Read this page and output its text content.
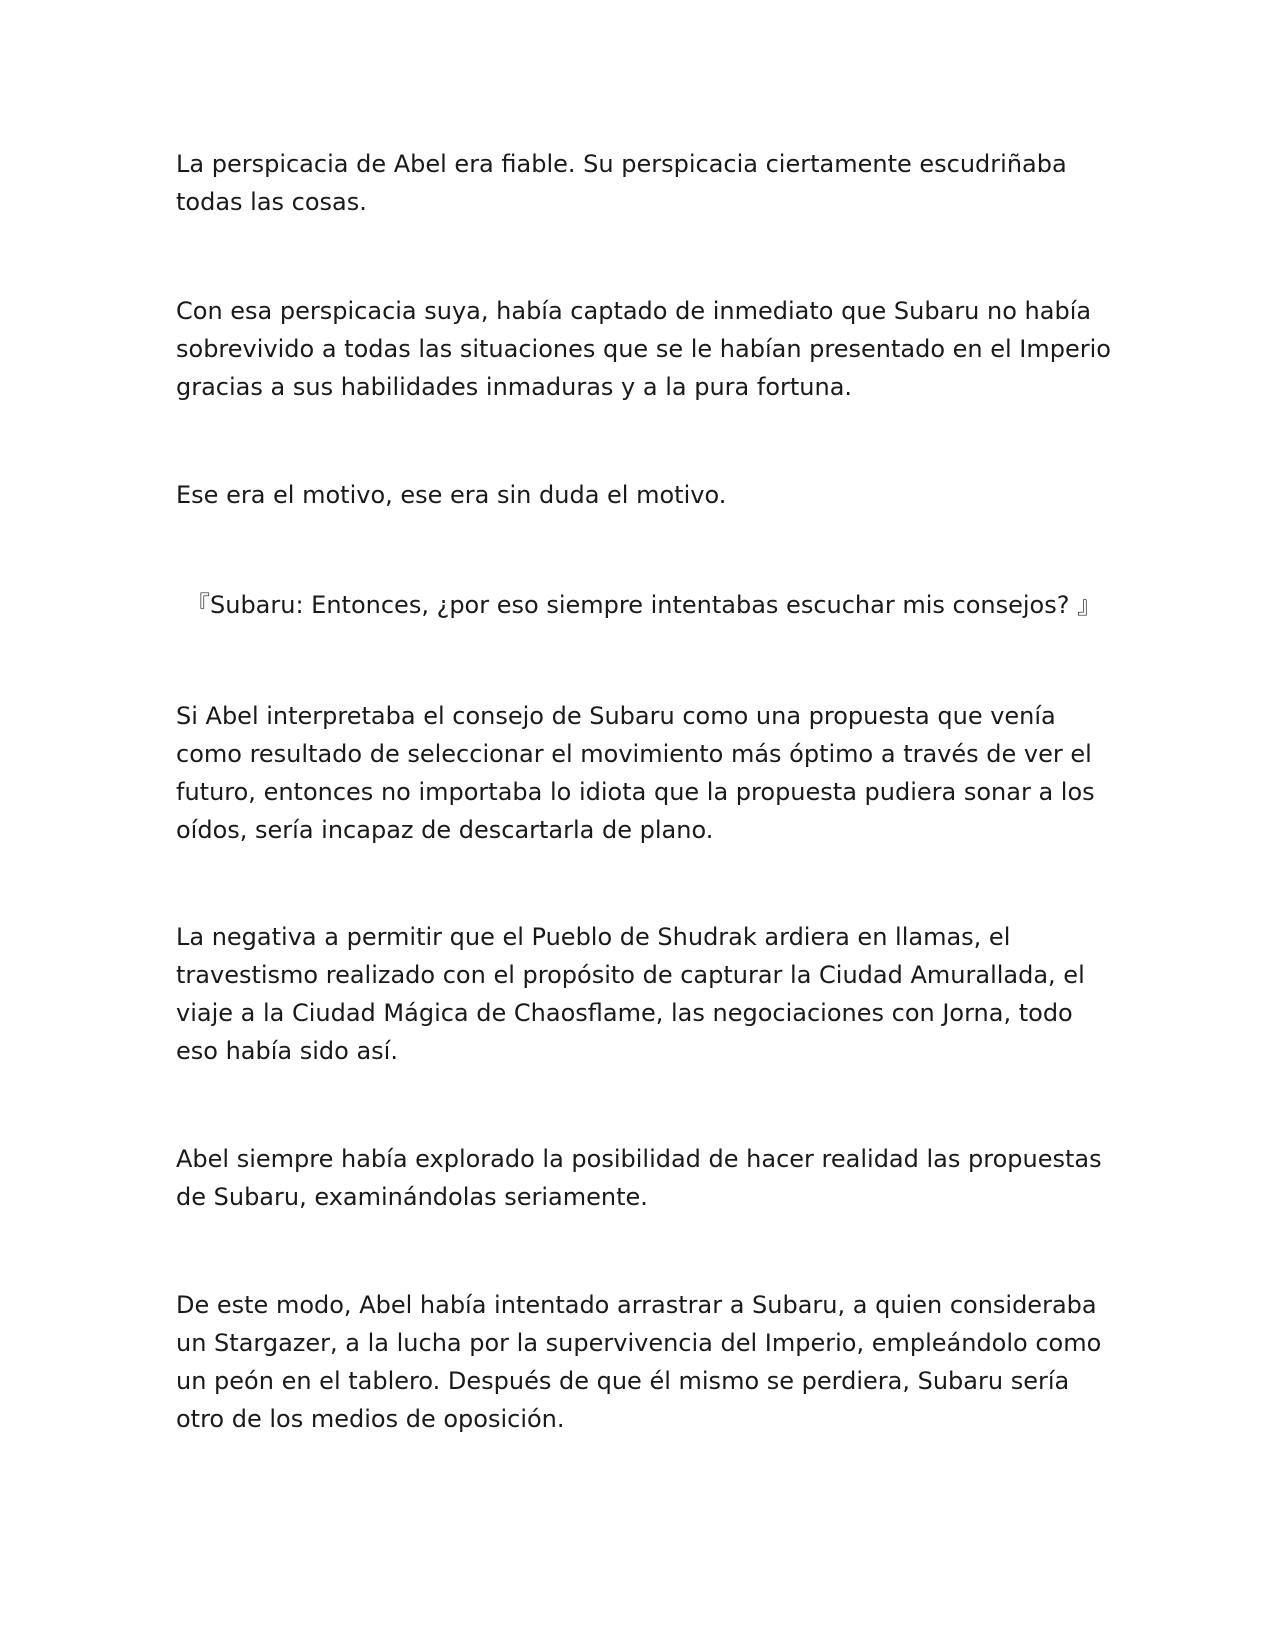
La perspicacia de Abel era fiable. Su perspicacia ciertamente escudriñaba
todas las cosas.

Con esa perspicacia suya, había captado de inmediato que Subaru no había
sobrevivido a todas las situaciones que se le habían presentado en el Imperio
gracias a sus habilidades inmaduras y a la pura fortuna.

Ese era el motivo, ese era sin duda el motivo.

『Subaru: Entonces, ¿por eso siempre intentabas escuchar mis consejos? 』

Si Abel interpretaba el consejo de Subaru como una propuesta que venía
como resultado de seleccionar el movimiento más óptimo a través de ver el
futuro, entonces no importaba lo idiota que la propuesta pudiera sonar a los
oídos, sería incapaz de descartarla de plano.

La negativa a permitir que el Pueblo de Shudrak ardiera en llamas, el
travestismo realizado con el propósito de capturar la Ciudad Amurallada, el
viaje a la Ciudad Mágica de Chaosflame, las negociaciones con Jorna, todo
eso había sido así.

Abel siempre había explorado la posibilidad de hacer realidad las propuestas
de Subaru, examinándolas seriamente.

De este modo, Abel había intentado arrastrar a Subaru, a quien consideraba
un Stargazer, a la lucha por la supervivencia del Imperio, empleándolo como
un peón en el tablero. Después de que él mismo se perdiera, Subaru sería
otro de los medios de oposición.
